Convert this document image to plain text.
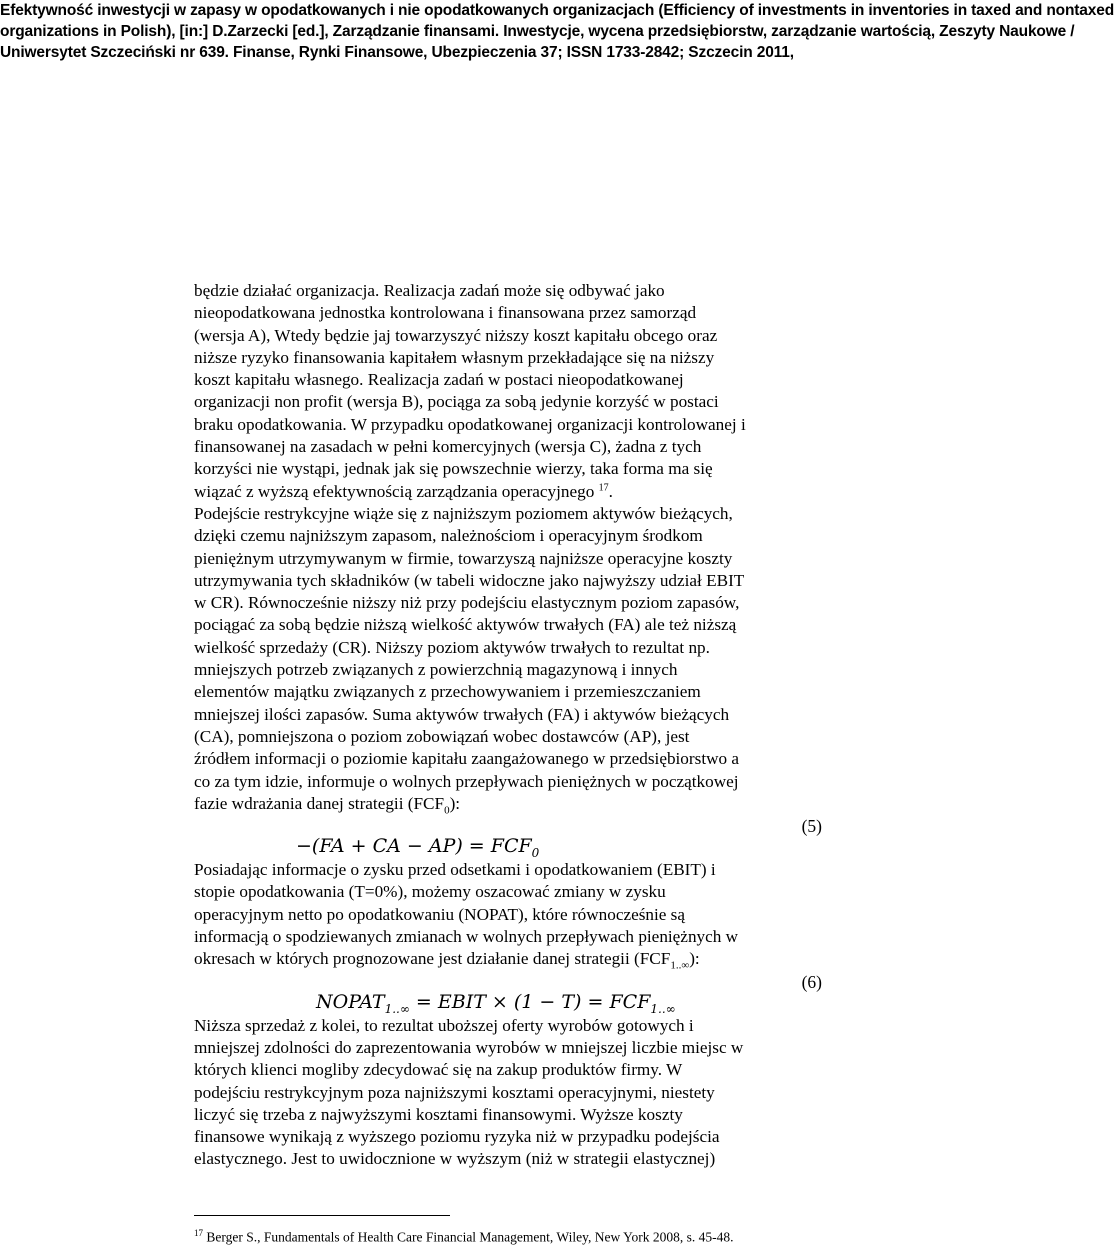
Efektywność inwestycji w zapasy w opodatkowanych i nie opodatkowanych organizacjach (Efficiency of investments in inventories in taxed and nontaxed
organizations in Polish), [in:] D.Zarzecki [ed.], Zarządzanie finansami. Inwestycje, wycena przedsiębiorstw, zarządzanie wartością, Zeszyty Naukowe /
Uniwersytet Szczeciński nr 639. Finanse, Rynki Finansowe, Ubezpieczenia 37; ISSN 1733-2842; Szczecin 2011,
będzie działać organizacja. Realizacja zadań może się odbywać jako
nieopodatkowana jednostka kontrolowana i finansowana przez samorząd
(wersja A), Wtedy będzie jaj towarzyszyć niższy koszt kapitału obcego oraz
niższe ryzyko finansowania kapitałem własnym przekładające się na niższy
koszt kapitału własnego. Realizacja zadań w postaci nieopodatkowanej
organizacji non profit (wersja B), pociąga za sobą jedynie korzyść w postaci
braku opodatkowania. W przypadku opodatkowanej organizacji kontrolowanej i
finansowanej na zasadach w pełni komercyjnych (wersja C), żadna z tych
korzyści nie wystąpi, jednak jak się powszechnie wierzy, taka forma ma się
wiązać z wyższą efektywnością zarządzania operacyjnego $^{17}$.
Podejście restrykcyjne wiąże się z najniższym poziomem aktywów bieżących,
dzięki czemu najniższym zapasom, należnościom i operacyjnym środkom
pieniężnym utrzymywanym w firmie, towarzyszą najniższe operacyjne koszty
utrzymywania tych składników (w tabeli widoczne jako najwyższy udział EBIT
w CR). Równocześnie niższy niż przy podejściu elastycznym poziom zapasów,
pociągać za sobą będzie niższą wielkość aktywów trwałych (FA) ale też niższą
wielkość sprzedaży (CR). Niższy poziom aktywów trwałych to rezultat np.
mniejszych potrzeb związanych z powierzchnią magazynową i innych
elementów majątku związanych z przechowywaniem i przemieszczaniem
mniejszej ilości zapasów. Suma aktywów trwałych (FA) i aktywów bieżących
(CA), pomniejszona o poziom zobowiązań wobec dostawców (AP), jest
źródłem informacji o poziomie kapitału zaangażowanego w przedsiębiorstwo a
co za tym idzie, informuje o wolnych przepływach pieniężnych w początkowej
fazie wdrażania danej strategii $(FCF_0)$:
(5)
−(FA + CA − $AP) = FCF_0$
Posiadając informacje o zysku przed odsetkami i opodatkowaniem (EBIT) i
stopie opodatkowania (T=0%), możemy oszacować zmiany w zysku
operacyjnym netto po opodatkowaniu (NOPAT), które równocześnie są
informacją o spodziewanych zmianach w wolnych przepływach pieniężnych w
okresach w których prognozowane jest działanie danej strategii $(FCF_{1..\infty})$:
(6)
$NOPAT_{1..\infty}$ = EBIT × $(1 - T) = FCF_{1..\infty}$
Niższa sprzedaż z kolei, to rezultat uboższej oferty wyrobów gotowych i
mniejszej zdolności do zaprezentowania wyrobów w mniejszej liczbie miejsc w
których klienci mogliby zdecydować się na zakup produktów firmy. W
podejściu restrykcyjnym poza najniższymi kosztami operacyjnymi, niestety
liczyć się trzeba z najwyższymi kosztami finansowymi. Wyższe koszty
finansowe wynikają z wyższego poziomu ryzyka niż w przypadku podejścia
elastycznego. Jest to uwidocznione w wyższym (niż w strategii elastycznej)
$^{17}$ Berger S., Fundamentals of Health Care Financial Management, Wiley, New York 2008, s. 45-48.
